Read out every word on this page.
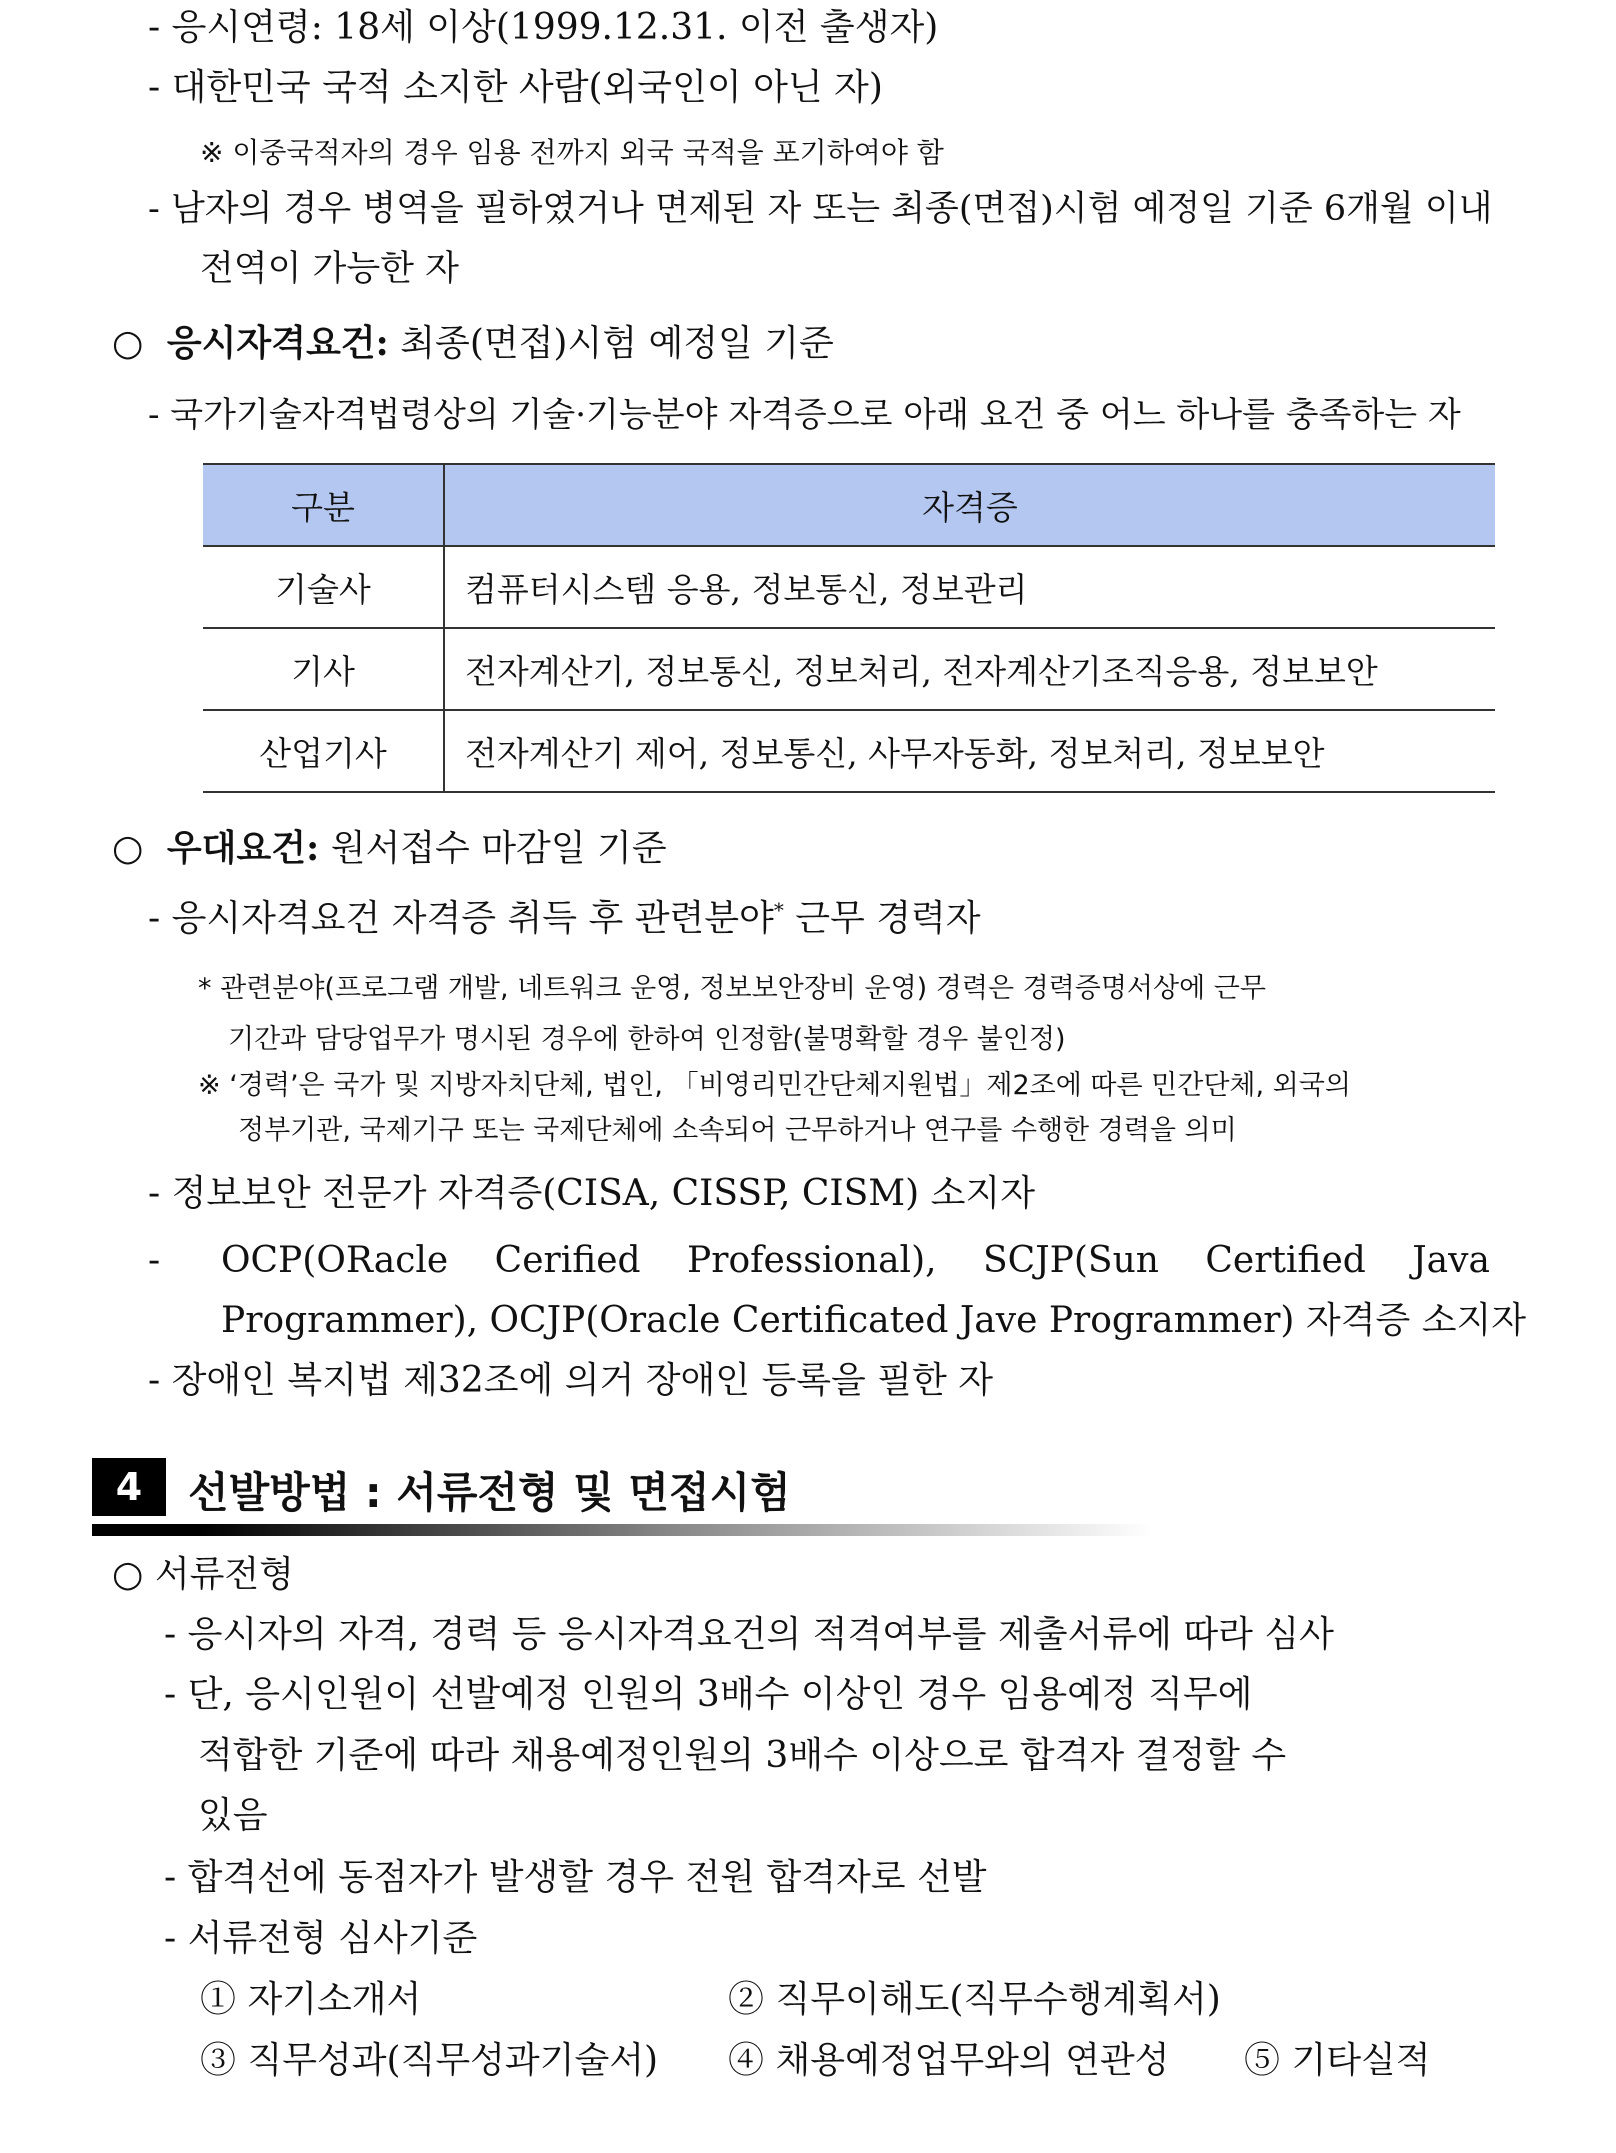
- 응시연령: 18세 이상(1999.12.31. 이전 출생자)
- 대한민국 국적 소지한 사람(외국인이 아닌 자)
※ 이중국적자의 경우 임용 전까지 외국 국적을 포기하여야 함
- 남자의 경우 병역을 필하였거나 면제된 자 또는 최종(면접)시험 예정일 기준 6개월 이내
전역이 가능한 자
○ 응시자격요건: 최종(면접)시험 예정일 기준
- 국가기술자격법령상의 기술·기능분야 자격증으로 아래 요건 중 어느 하나를 충족하는 자
구분	자격증
기술사	컴퓨터시스템 응용, 정보통신, 정보관리
기사	전자계산기, 정보통신, 정보처리, 전자계산기조직응용, 정보보안
산업기사	전자계산기 제어, 정보통신, 사무자동화, 정보처리, 정보보안
○ 우대요건: 원서접수 마감일 기준
- 응시자격요건 자격증 취득 후 관련분야* 근무 경력자
* 관련분야(프로그램 개발, 네트워크 운영, 정보보안장비 운영) 경력은 경력증명서상에 근무
기간과 담당업무가 명시된 경우에 한하여 인정함(불명확할 경우 불인정)
※ ‘경력’은 국가 및 지방자치단체, 법인, 「비영리민간단체지원법」제2조에 따른 민간단체, 외국의
정부기관, 국제기구 또는 국제단체에 소속되어 근무하거나 연구를 수행한 경력을 의미
- 정보보안 전문가 자격증(CISA, CISSP, CISM) 소지자
- OCP(ORacle Cerified Professional), SCJP(Sun Certified Java
Programmer), OCJP(Oracle Certificated Jave Programmer) 자격증 소지자
- 장애인 복지법 제32조에 의거 장애인 등록을 필한 자
4	선발방법 : 서류전형 및 면접시험
○ 서류전형
- 응시자의 자격, 경력 등 응시자격요건의 적격여부를 제출서류에 따라 심사
- 단, 응시인원이 선발예정 인원의 3배수 이상인 경우 임용예정 직무에
적합한 기준에 따라 채용예정인원의 3배수 이상으로 합격자 결정할 수
있음
- 합격선에 동점자가 발생할 경우 전원 합격자로 선발
- 서류전형 심사기준
① 자기소개서	② 직무이해도(직무수행계획서)
③ 직무성과(직무성과기술서) ④ 채용예정업무와의 연관성 ⑤ 기타실적
